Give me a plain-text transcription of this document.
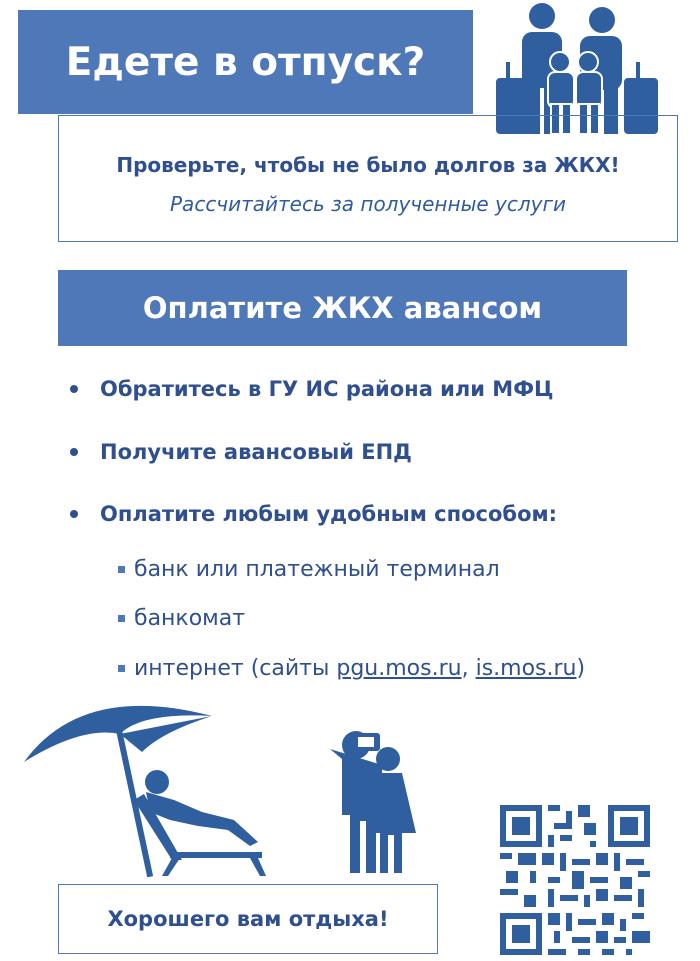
Едете в отпуск?
Проверьте, чтобы не было долгов за ЖКХ!
Рассчитайтесь за полученные услуги
Оплатите ЖКХ авансом
Обратитесь в ГУ ИС района или МФЦ
Получите авансовый ЕПД
Оплатите любым удобным способом:
банк или платежный терминал
банкомат
интернет (сайты pgu.mos.ru , is.mos.ru )
Хорошего вам отдыха!
